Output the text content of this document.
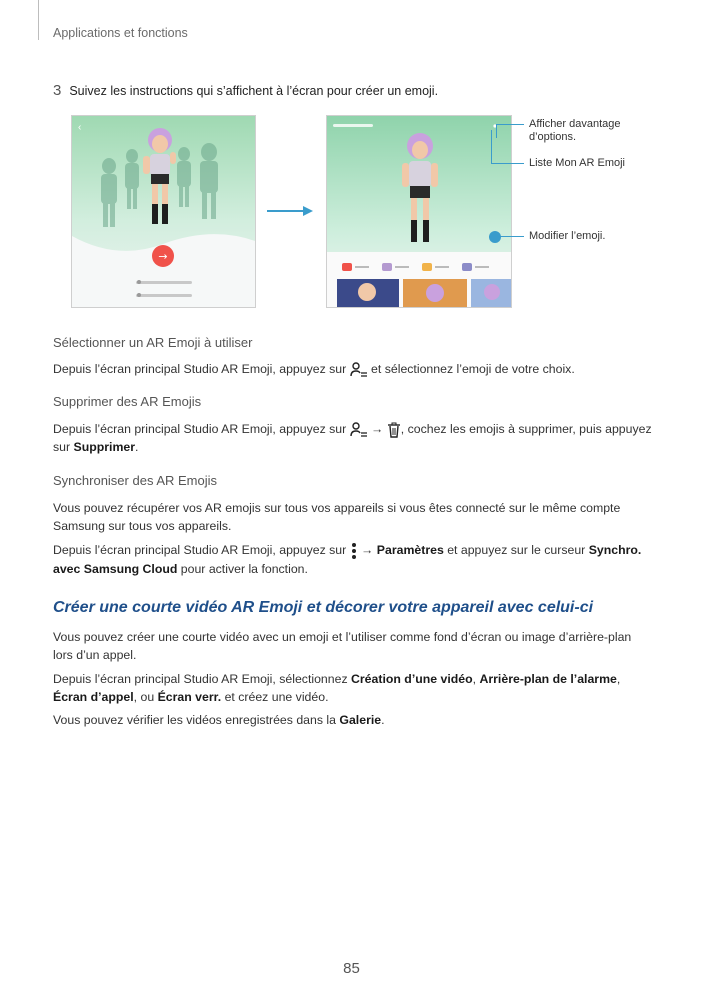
Applications et fonctions
3 Suivez les instructions qui s’affichent à l’écran pour créer un emoji.
‹
→
Afficher davantage d’options.
Liste Mon AR Emoji
Modifier l’emoji.
Sélectionner un AR Emoji à utiliser
Depuis l’écran principal Studio AR Emoji, appuyez sur  et sélectionnez l’emoji de votre choix.
Supprimer des AR Emojis
Depuis l’écran principal Studio AR Emoji, appuyez sur  → , cochez les emojis à supprimer, puis appuyez sur Supprimer.
Synchroniser des AR Emojis
Vous pouvez récupérer vos AR emojis sur tous vos appareils si vous êtes connecté sur le même compte Samsung sur tous vos appareils.
Depuis l’écran principal Studio AR Emoji, appuyez sur  → Paramètres et appuyez sur le curseur Synchro. avec Samsung Cloud pour activer la fonction.
Créer une courte vidéo AR Emoji et décorer votre appareil avec celui-ci
Vous pouvez créer une courte vidéo avec un emoji et l’utiliser comme fond d’écran ou image d’arrière-plan lors d’un appel.
Depuis l’écran principal Studio AR Emoji, sélectionnez Création d’une vidéo, Arrière-plan de l’alarme, Écran d’appel, ou Écran verr. et créez une vidéo.
Vous pouvez vérifier les vidéos enregistrées dans la Galerie.
85
